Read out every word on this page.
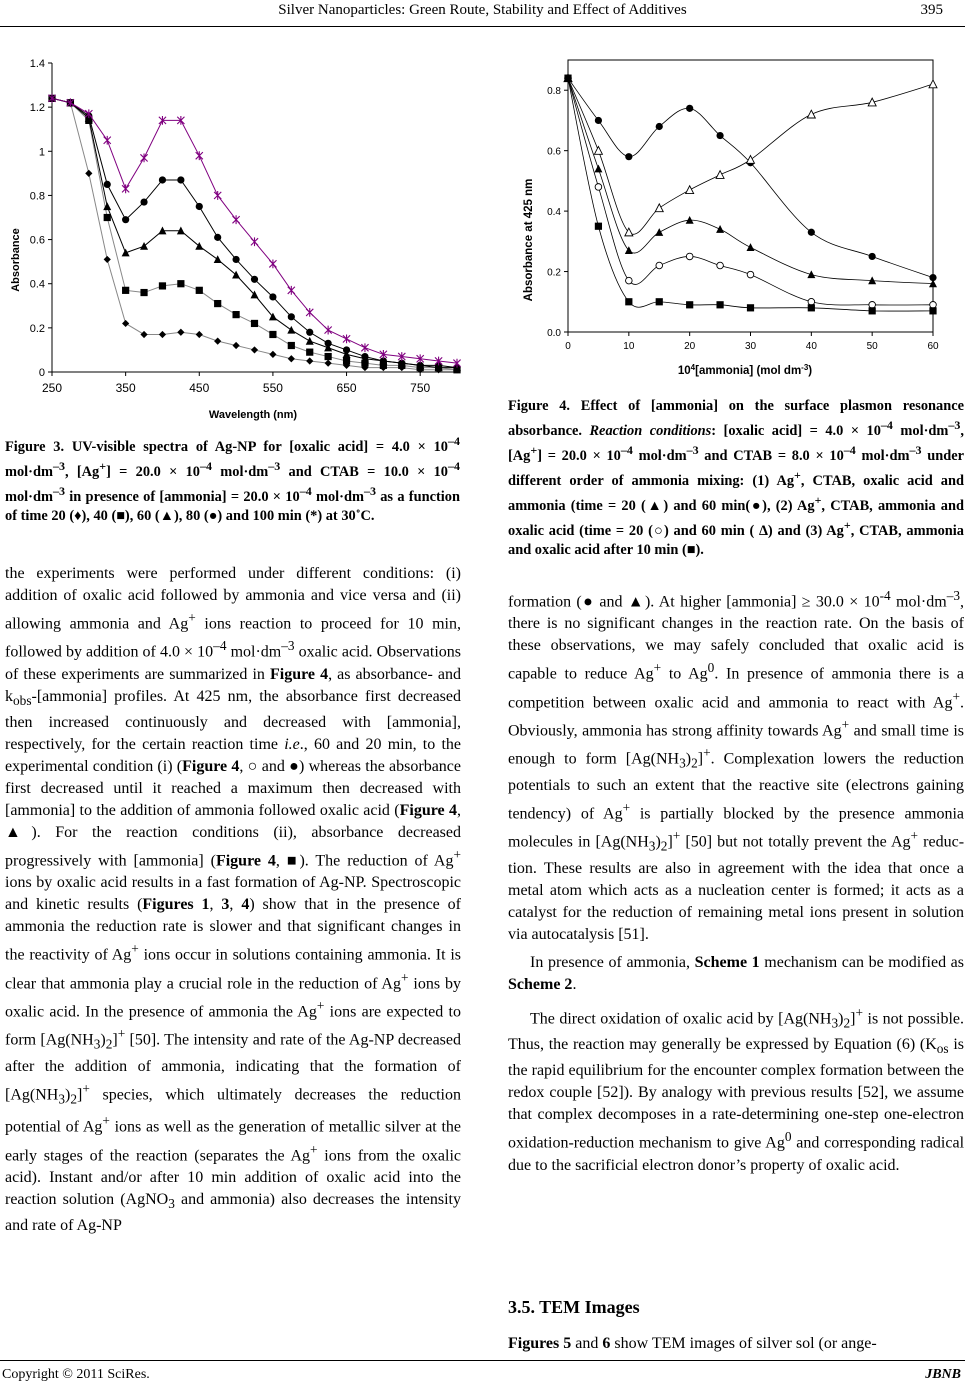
Silver Nanoparticles: Green Route, Stability and Effect of Additives	395
0
0.2
0.4
0.6
0.8
1
1.2
1.4
250	350	450	550	650	750
Wavelength (nm)
Absorbance
Figure 3. UV-visible spectra of Ag-NP for [oxalic acid] = $4.0 \times 10^{-4}$ $mol\cdot dm^{-3}$, $[Ag^+] = 20.0 \times 10^{-4}$ $mol\cdot dm^{-3}$ and CTAB = $10.0 \times 10^{-4}$ $mol\cdot dm^{-3}$ in presence of [ammonia] = $20.0 \times 10^{-4}$ $mol\cdot dm^{-3}$ as a function of time 20 (♦), 40 (■), 60 (▲), 80 (●) and 100 min (*) at 30˚C.
0.0
0.2
0.4
0.6
0.8
0	10	20	30	40	50	60
$10^4[ammonia]$ (mol $dm^{-3}$)
Absorbance at 425 nm
Figure 4. Effect of [ammonia] on the surface plasmon resonance absorbance. Reaction conditions: [oxalic acid] = $4.0 \times 10^{-4}$ $mol\cdot dm^{-3}$, $[Ag^+] = 20.0 \times 10^{-4}$ $mol\cdot dm^{-3}$ and CTAB = $8.0 \times 10^{-4}$ $mol\cdot dm^{-3}$ under different order of ammonia mixing: (1) Ag+, CTAB, oxalic acid and ammonia (time = 20 (▲) and 60 min(●), (2) Ag+, CTAB, ammonia and oxalic acid (time = 20 (○) and 60 min ( ∆) and (3) Ag+, CTAB, ammonia and oxalic acid after 10 min (■).

the experiments were performed under different conditions: (i) addition of oxalic acid followed by ammonia and vice versa and (ii) allowing ammonia and Ag+ ions reaction to proceed for 10 min, followed by addition of $4.0 \times 10^{-4}$ $mol\cdot dm^{-3}$ oxalic acid. Observations of these experiments are summarized in Figure 4, as absorbance- and $k_{obs}-[ammonia]$ profiles. At 425 nm, the absorbance first decreased then increased continuously and decreased with [ammonia], respectively, for the certain reaction time i.e., 60 and 20 min, to the experimental condition (i) (Figure 4, ○ and ●) whereas the absorbance first decreased until it reached a maximum then decreased with [ammonia] to the addition of ammonia followed oxalic acid (Figure 4, ▲). For the reaction conditions (ii), absorbance decreased progressively with [ammonia] (Figure 4, ■). The reduction of Ag+ ions by oxalic acid results in a fast formation of Ag-NP. Spectroscopic and kinetic results (Figures 1, 3, 4) show that in the presence of ammonia the reduction rate is slower and that significant changes in the reactivity of Ag+ ions occur in solutions containing ammonia. It is clear that ammonia play a crucial role in the reduction of Ag+ ions by oxalic acid. In the presence of ammonia the Ag+ ions are expected to form $[Ag(NH_3)_2]^+$ [50]. The intensity and rate of the Ag-NP decreased after the addition of ammonia, indicating that the formation of $[Ag(NH_3)_2]^+$ species, which ultimately decreases the reduction potential of Ag+ ions as well as the generation of metallic silver at the early stages of the reaction (separates the Ag+ ions from the oxalic acid). Instant and/or after 10 min addition of oxalic acid into the reaction solution (AgNO$_3$ and ammonia) also decreases the intensity and rate of Ag-NP

formation (● and ▲). At higher [ammonia] ≥ $30.0 \times 10^{-4}$ $mol\cdot dm^{-3}$, there is no significant changes in the reaction rate. On the basis of these observations, we may safely concluded that oxalic acid is capable to reduce Ag+ to Ag$^0$. In presence of ammonia there is a competition between oxalic acid and ammonia to react with Ag+. Obviously, ammonia has strong affinity towards Ag+ and small time is enough to form $[Ag(NH_3)_2]^+$. Complexation lowers the reduction potentials to such an extent that the reactive site (electrons gaining tendency) of Ag+ is partially blocked by the presence ammonia molecules in $[Ag(NH_3)_2]^+$ [50] but not totally prevent the Ag+ reduction. These results are also in agreement with the idea that once a metal atom which acts as a nucleation center is formed; it acts as a catalyst for the reduction of remaining metal ions present in solution via autocatalysis [51].

In presence of ammonia, Scheme 1 mechanism can be modified as Scheme 2.

The direct oxidation of oxalic acid by $[Ag(NH_3)_2]^+$ is not possible. Thus, the reaction may generally be expressed by Equation (6) ($K_{os}$ is the rapid equilibrium for the encounter complex formation between the redox couple [52]). By analogy with previous results [52], we assume that complex decomposes in a rate-determining one-step one-electron oxidation-reduction mechanism to give Ag$^0$ and corresponding radical due to the sacrificial electron donor’s property of oxalic acid.

3.5. TEM Images

Figures 5 and 6 show TEM images of silver sol (or ange-

Copyright © 2011 SciRes.	JBNB
